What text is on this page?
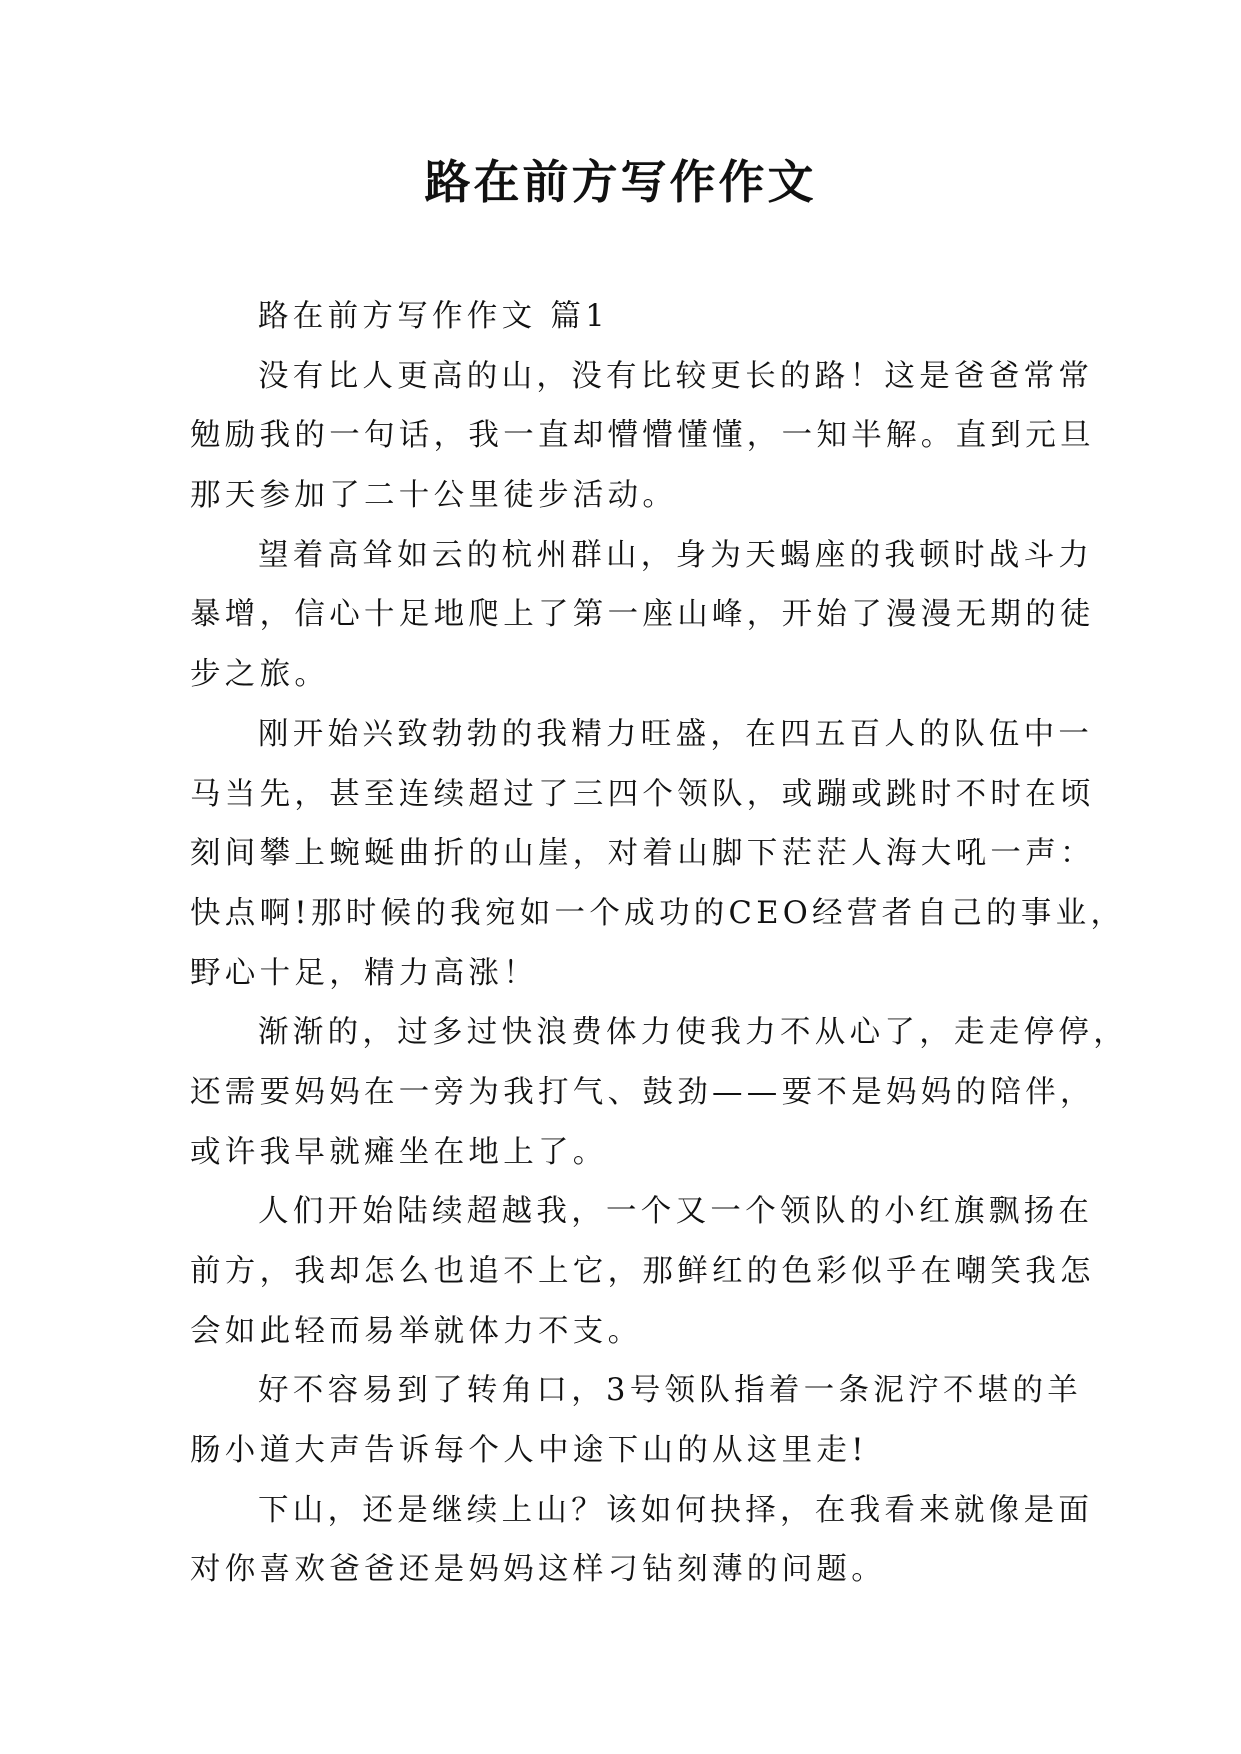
路在前方写作作文

路在前方写作作文 篇1

没有比人更高的山，没有比较更长的路！这是爸爸常常

勉励我的一句话，我一直却懵懵懂懂，一知半解。直到元旦

那天参加了二十公里徒步活动。

望着高耸如云的杭州群山，身为天蝎座的我顿时战斗力

暴增，信心十足地爬上了第一座山峰，开始了漫漫无期的徒

步之旅。

刚开始兴致勃勃的我精力旺盛，在四五百人的队伍中一

马当先，甚至连续超过了三四个领队，或蹦或跳时不时在顷

刻间攀上蜿蜒曲折的山崖，对着山脚下茫茫人海大吼一声：

快点啊!那时候的我宛如一个成功的CEO经营者自己的事业，

野心十足，精力高涨！

渐渐的，过多过快浪费体力使我力不从心了，走走停停，

还需要妈妈在一旁为我打气、鼓劲——要不是妈妈的陪伴，

或许我早就瘫坐在地上了。

人们开始陆续超越我，一个又一个领队的小红旗飘扬在

前方，我却怎么也追不上它，那鲜红的色彩似乎在嘲笑我怎

会如此轻而易举就体力不支。

好不容易到了转角口，3号领队指着一条泥泞不堪的羊

肠小道大声告诉每个人中途下山的从这里走!

下山，还是继续上山？该如何抉择，在我看来就像是面

对你喜欢爸爸还是妈妈这样刁钻刻薄的问题。
